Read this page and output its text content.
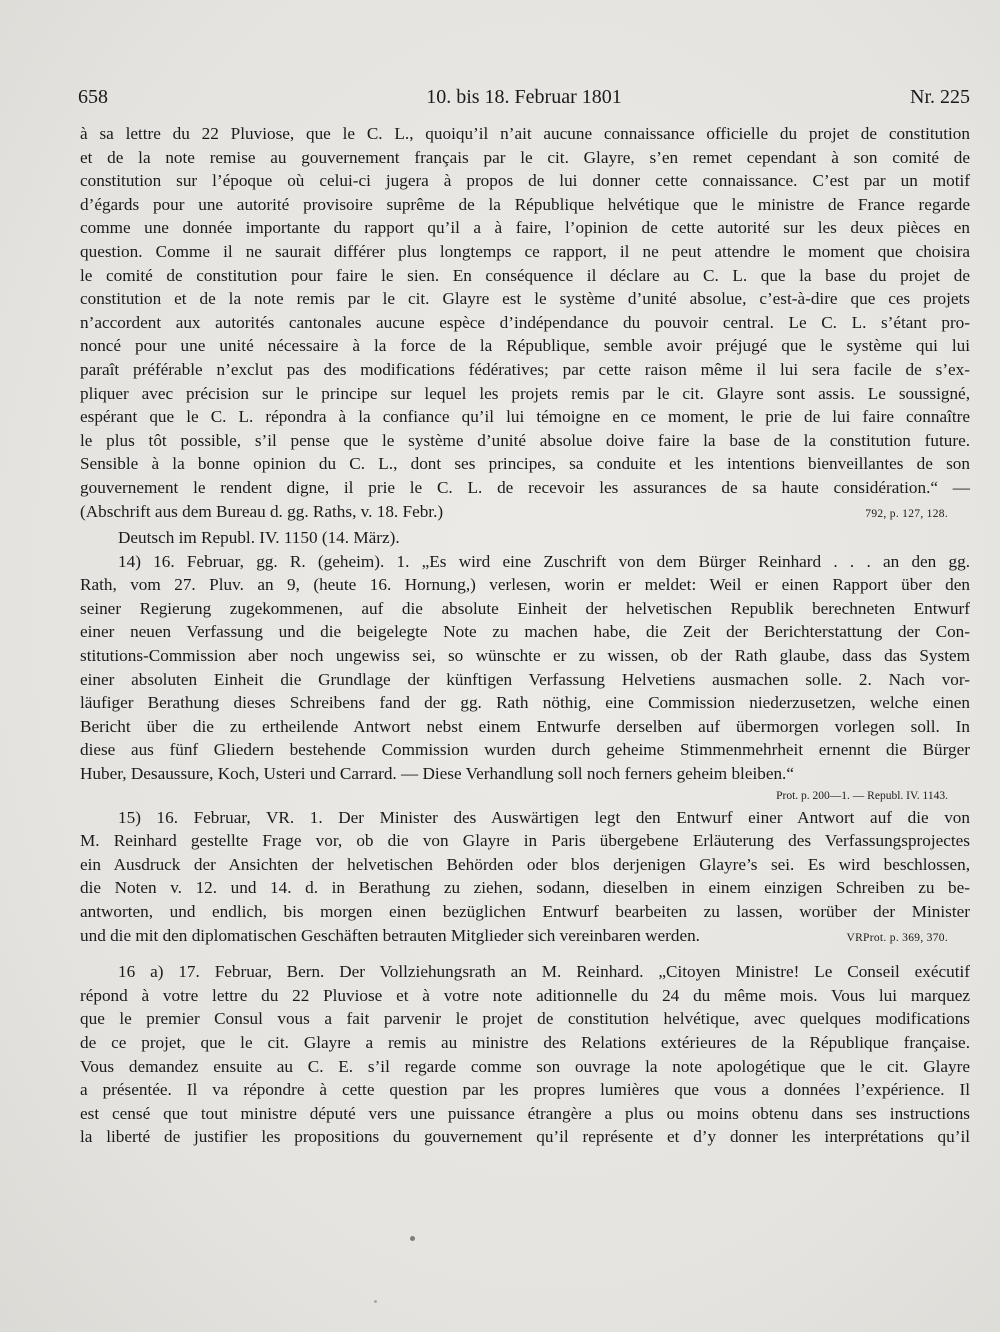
658	10. bis 18. Februar 1801	Nr. 225
à sa lettre du 22 Pluviose, que le C. L., quoiqu’il n’ait aucune connaissance officielle du projet de constitution
et de la note remise au gouvernement français par le cit. Glayre, s’en remet cependant à son comité de
constitution sur l’époque où celui-ci jugera à propos de lui donner cette connaissance. C’est par un motif
d’égards pour une autorité provisoire suprême de la République helvétique que le ministre de France regarde
comme une donnée importante du rapport qu’il a à faire, l’opinion de cette autorité sur les deux pièces en
question. Comme il ne saurait différer plus longtemps ce rapport, il ne peut attendre le moment que choisira
le comité de constitution pour faire le sien. En conséquence il déclare au C. L. que la base du projet de
constitution et de la note remis par le cit. Glayre est le système d’unité absolue, c’est-à-dire que ces projets
n’accordent aux autorités cantonales aucune espèce d’indépendance du pouvoir central. Le C. L. s’étant pro-
noncé pour une unité nécessaire à la force de la République, semble avoir préjugé que le système qui lui
paraît préférable n’exclut pas des modifications fédératives; par cette raison même il lui sera facile de s’ex-
pliquer avec précision sur le principe sur lequel les projets remis par le cit. Glayre sont assis. Le soussigné,
espérant que le C. L. répondra à la confiance qu’il lui témoigne en ce moment, le prie de lui faire connaître
le plus tôt possible, s’il pense que le système d’unité absolue doive faire la base de la constitution future.
Sensible à la bonne opinion du C. L., dont ses principes, sa conduite et les intentions bienveillantes de son
gouvernement le rendent digne, il prie le C. L. de recevoir les assurances de sa haute considération.“ —
(Abschrift aus dem Bureau d. gg. Raths, v. 18. Febr.)	792, p. 127, 128.
Deutsch im Republ. IV. 1150 (14. März).
14) 16. Februar, gg. R. (geheim). 1. „Es wird eine Zuschrift von dem Bürger Reinhard . . . an den gg.
Rath, vom 27. Pluv. an 9, (heute 16. Hornung,) verlesen, worin er meldet: Weil er einen Rapport über den
seiner Regierung zugekommenen, auf die absolute Einheit der helvetischen Republik berechneten Entwurf
einer neuen Verfassung und die beigelegte Note zu machen habe, die Zeit der Berichterstattung der Con-
stitutions-Commission aber noch ungewiss sei, so wünschte er zu wissen, ob der Rath glaube, dass das System
einer absoluten Einheit die Grundlage der künftigen Verfassung Helvetiens ausmachen solle. 2. Nach vor-
läufiger Berathung dieses Schreibens fand der gg. Rath nöthig, eine Commission niederzusetzen, welche einen
Bericht über die zu ertheilende Antwort nebst einem Entwurfe derselben auf übermorgen vorlegen soll. In
diese aus fünf Gliedern bestehende Commission wurden durch geheime Stimmenmehrheit ernennt die Bürger
Huber, Desaussure, Koch, Usteri und Carrard. — Diese Verhandlung soll noch ferners geheim bleiben.“
Prot. p. 200—1. — Republ. IV. 1143.
15) 16. Februar, VR. 1. Der Minister des Auswärtigen legt den Entwurf einer Antwort auf die von
M. Reinhard gestellte Frage vor, ob die von Glayre in Paris übergebene Erläuterung des Verfassungsprojectes
ein Ausdruck der Ansichten der helvetischen Behörden oder blos derjenigen Glayre’s sei. Es wird beschlossen,
die Noten v. 12. und 14. d. in Berathung zu ziehen, sodann, dieselben in einem einzigen Schreiben zu be-
antworten, und endlich, bis morgen einen bezüglichen Entwurf bearbeiten zu lassen, worüber der Minister
und die mit den diplomatischen Geschäften betrauten Mitglieder sich vereinbaren werden.	VRProt. p. 369, 370.
16 a) 17. Februar, Bern. Der Vollziehungsrath an M. Reinhard. „Citoyen Ministre! Le Conseil exécutif
répond à votre lettre du 22 Pluviose et à votre note aditionnelle du 24 du même mois. Vous lui marquez
que le premier Consul vous a fait parvenir le projet de constitution helvétique, avec quelques modifications
de ce projet, que le cit. Glayre a remis au ministre des Relations extérieures de la République française.
Vous demandez ensuite au C. E. s’il regarde comme son ouvrage la note apologétique que le cit. Glayre
a présentée. Il va répondre à cette question par les propres lumières que vous a données l’expérience. Il
est censé que tout ministre député vers une puissance étrangère a plus ou moins obtenu dans ses instructions
la liberté de justifier les propositions du gouvernement qu’il représente et d’y donner les interprétations qu’il
